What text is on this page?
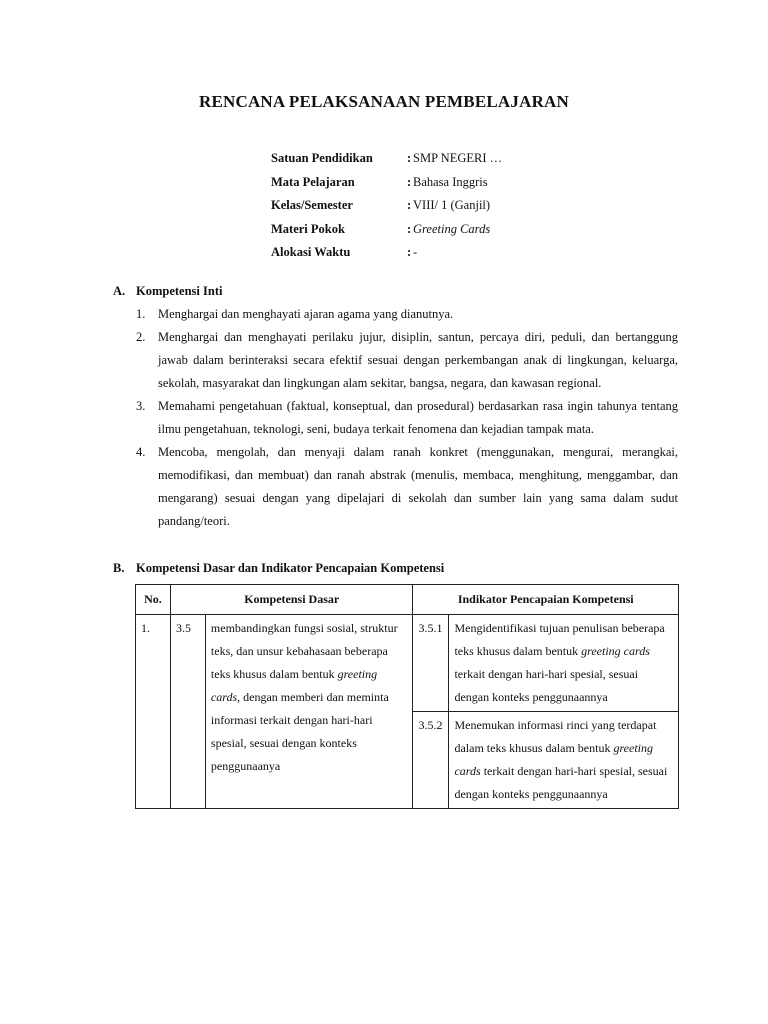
RENCANA PELAKSANAAN PEMBELAJARAN
Satuan Pendidikan	: SMP NEGERI …
Mata Pelajaran	: Bahasa Inggris
Kelas/Semester	: VIII/ 1 (Ganjil)
Materi Pokok	: Greeting Cards
Alokasi Waktu	: -
A. Kompetensi Inti
1.	Menghargai dan menghayati ajaran agama yang dianutnya.
2.	Menghargai dan menghayati perilaku jujur, disiplin, santun, percaya diri, peduli, dan bertanggung jawab dalam berinteraksi secara efektif sesuai dengan perkembangan anak di lingkungan, keluarga, sekolah, masyarakat dan lingkungan alam sekitar, bangsa, negara, dan kawasan regional.
3.	Memahami pengetahuan (faktual, konseptual, dan prosedural) berdasarkan rasa ingin tahunya tentang ilmu pengetahuan, teknologi, seni, budaya terkait fenomena dan kejadian tampak mata.
4.	Mencoba, mengolah, dan menyaji dalam ranah konkret (menggunakan, mengurai, merangkai, memodifikasi, dan membuat) dan ranah abstrak (menulis, membaca, menghitung, menggambar, dan mengarang) sesuai dengan yang dipelajari di sekolah dan sumber lain yang sama dalam sudut pandang/teori.
B. Kompetensi Dasar dan Indikator Pencapaian Kompetensi
No.	Kompetensi Dasar		Indikator Pencapaian Kompetensi	
1.	3.5	membandingkan fungsi sosial, struktur teks, dan unsur kebahasaan beberapa teks khusus dalam bentuk greeting cards, dengan memberi dan meminta informasi terkait dengan hari-hari spesial, sesuai dengan konteks penggunaanya	3.5.1	Mengidentifikasi tujuan penulisan beberapa teks khusus dalam bentuk greeting cards terkait dengan hari-hari spesial, sesuai dengan konteks penggunaannya
			3.5.2	Menemukan informasi rinci yang terdapat dalam teks khusus dalam bentuk greeting cards terkait dengan hari-hari spesial, sesuai dengan konteks penggunaannya
